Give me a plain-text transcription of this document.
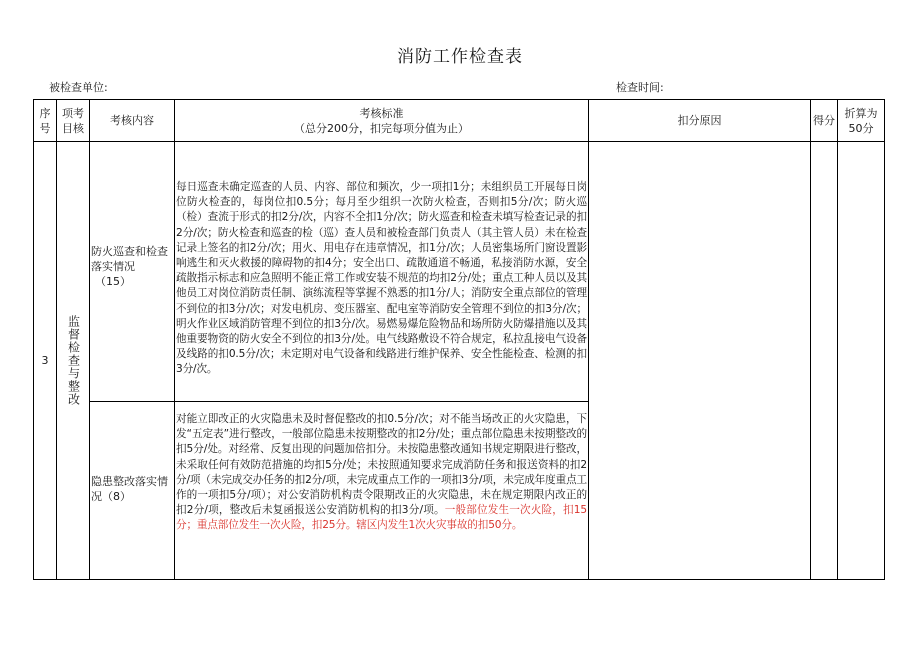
消防工作检查表
被检查单位:	检查时间:
序号
项考目核
考核内容
考核标准
（总分200分，扣完每项分值为止）
扣分原因	得分
折算为
50分
3 监督检查与整改
防火巡查和检查落实情况
（15）
每日巡查未确定巡查的人员、内容、部位和频次，少一项扣1分；未组织员工开展每日岗位防火检查的，每岗位扣0.5分；每月至少组织一次防火检查，否则扣5分/次；防火巡（检）查流于形式的扣2分/次，内容不全扣1分/次；防火巡查和检查未填写检查记录的扣2分/次；防火检查和巡查的检（巡）查人员和被检查部门负责人（其主管人员）未在检查记录上签名的扣2分/次；用火、用电存在违章情况，扣1分/次；人员密集场所门窗设置影响逃生和灭火救援的障碍物的扣4分；安全出口、疏散通道不畅通，私接消防水源，安全疏散指示标志和应急照明不能正常工作或安装不规范的均扣2分/处；重点工种人员以及其他员工对岗位消防责任制、演练流程等掌握不熟悉的扣1分/人；消防安全重点部位的管理不到位的扣3分/次；对发电机房、变压器室、配电室等消防安全管理不到位的扣3分/次；明火作业区域消防管理不到位的扣3分/次。易燃易爆危险物品和场所防火防爆措施以及其他重要物资的防火安全不到位的扣3分/处。电气线路敷设不符合规定，私拉乱接电气设备及线路的扣0.5分/次；未定期对电气设备和线路进行维护保养、安全性能检查、检测的扣3分/次。
隐患整改落实情况（8）
对能立即改正的火灾隐患未及时督促整改的扣0.5分/次；对不能当场改正的火灾隐患，下发“五定表”进行整改，一般部位隐患未按期整改的扣2分/处；重点部位隐患未按期整改的扣5分/处。对经常、反复出现的问题加倍扣分。未按隐患整改通知书规定期限进行整改，未采取任何有效防范措施的均扣5分/处；未按照通知要求完成消防任务和报送资料的扣2分/项（未完成交办任务的扣2分/项，未完成重点工作的一项扣3分/项，未完成年度重点工作的一项扣5分/项）；对公安消防机构责令限期改正的火灾隐患，未在规定期限内改正的扣2分/项，整改后未复函报送公安消防机构的扣3分/项。一般部位发生一次火险，扣15分；重点部位发生一次火险，扣25分。辖区内发生1次火灾事故的扣50分。
